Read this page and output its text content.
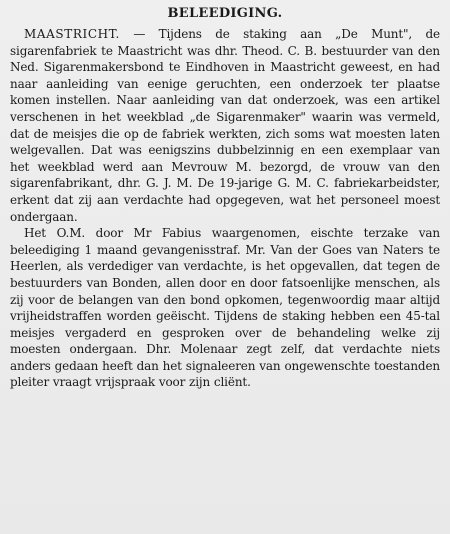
BELEEDIGING.

MAASTRICHT. — Tijdens de staking aan „De Munt", de sigarenfabriek te Maastricht was dhr. Theod. C. B. bestuurder van den Ned. Sigarenmakersbond te Eindhoven in Maastricht geweest, en had naar aanleiding van eenige geruchten, een onderzoek ter plaatse komen instellen. Naar aanleiding van dat onderzoek, was een artikel verschenen in het weekblad „de Sigarenmaker" waarin was vermeld, dat de meisjes die op de fabriek werkten, zich soms wat moesten laten welgevallen. Dat was eenigszins dubbelzinnig en een exemplaar van het weekblad werd aan Mevrouw M. bezorgd, de vrouw van den sigarenfabrikant, dhr. G. J. M. De 19-jarige G. M. C. fabriekarbeidster, erkent dat zij aan verdachte had opgegeven, wat het personeel moest ondergaan.

Het O.M. door Mr Fabius waargenomen, eischte terzake van beleediging 1 maand gevangenisstraf. Mr. Van der Goes van Naters te Heerlen, als verdediger van verdachte, is het opgevallen, dat tegen de bestuurders van Bonden, allen door en door fatsoenlijke menschen, als zij voor de belangen van den bond opkomen, tegenwoordig maar altijd vrijheidstraffen worden geëischt. Tijdens de staking hebben een 45-tal meisjes vergaderd en gesproken over de behandeling welke zij moesten ondergaan. Dhr. Molenaar zegt zelf, dat verdachte niets anders gedaan heeft dan het signaleeren van ongewenschte toestanden pleiter vraagt vrijspraak voor zijn cliënt.
